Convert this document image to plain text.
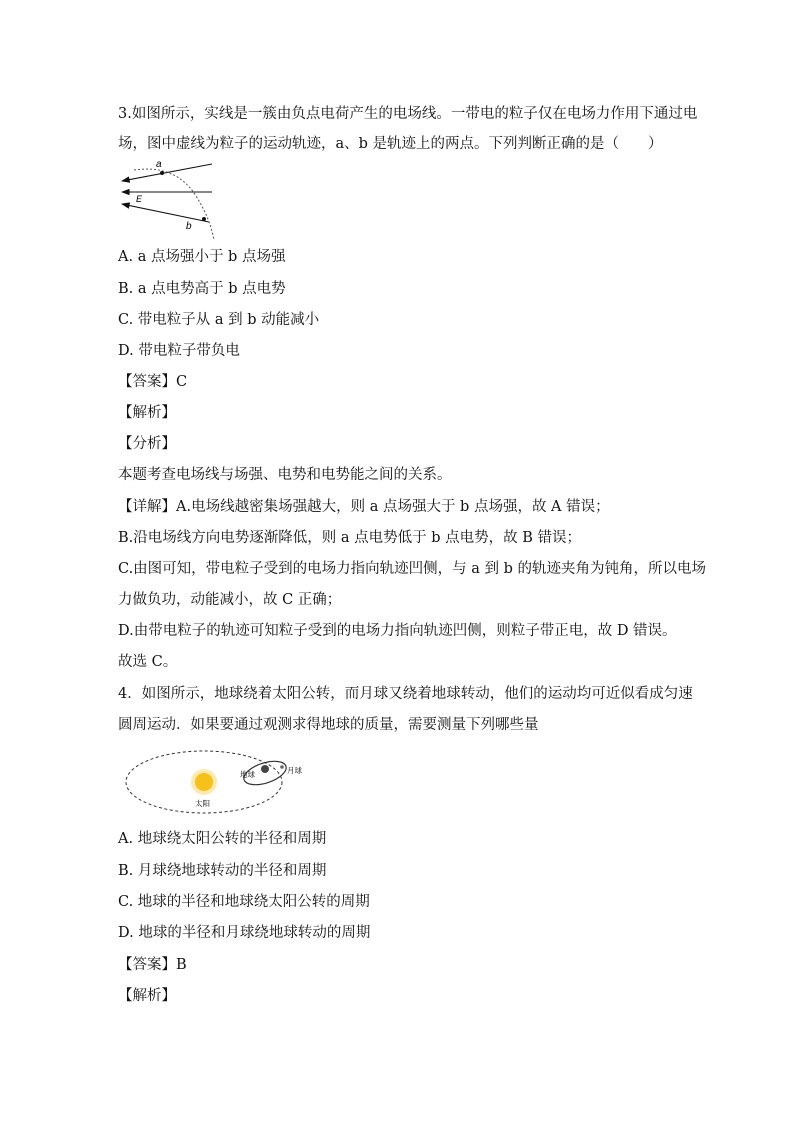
3.如图所示，实线是一簇由负点电荷产生的电场线。一带电的粒子仅在电场力作用下通过电

场，图中虚线为粒子的运动轨迹，a、b 是轨迹上的两点。下列判断正确的是（　　）

a
b
E

A. a 点场强小于 b 点场强

B. a 点电势高于 b 点电势

C. 带电粒子从 a 到 b 动能减小

D. 带电粒子带负电

【答案】C

【解析】

【分析】

本题考查电场线与场强、电势和电势能之间的关系。

【详解】A.电场线越密集场强越大，则 a 点场强大于 b 点场强，故 A 错误；

B.沿电场线方向电势逐渐降低，则 a 点电势低于 b 点电势，故 B 错误；

C.由图可知，带电粒子受到的电场力指向轨迹凹侧，与 a 到 b 的轨迹夹角为钝角，所以电场

力做负功，动能减小，故 C 正确；

D.由带电粒子的轨迹可知粒子受到的电场力指向轨迹凹侧，则粒子带正电，故 D 错误。

故选 C。

4．如图所示，地球绕着太阳公转，而月球又绕着地球转动，他们的运动均可近似看成匀速

圆周运动．如果要通过观测求得地球的质量，需要测量下列哪些量

地球	月球
太阳

A. 地球绕太阳公转的半径和周期

B. 月球绕地球转动的半径和周期

C. 地球的半径和地球绕太阳公转的周期

D. 地球的半径和月球绕地球转动的周期

【答案】B

【解析】
